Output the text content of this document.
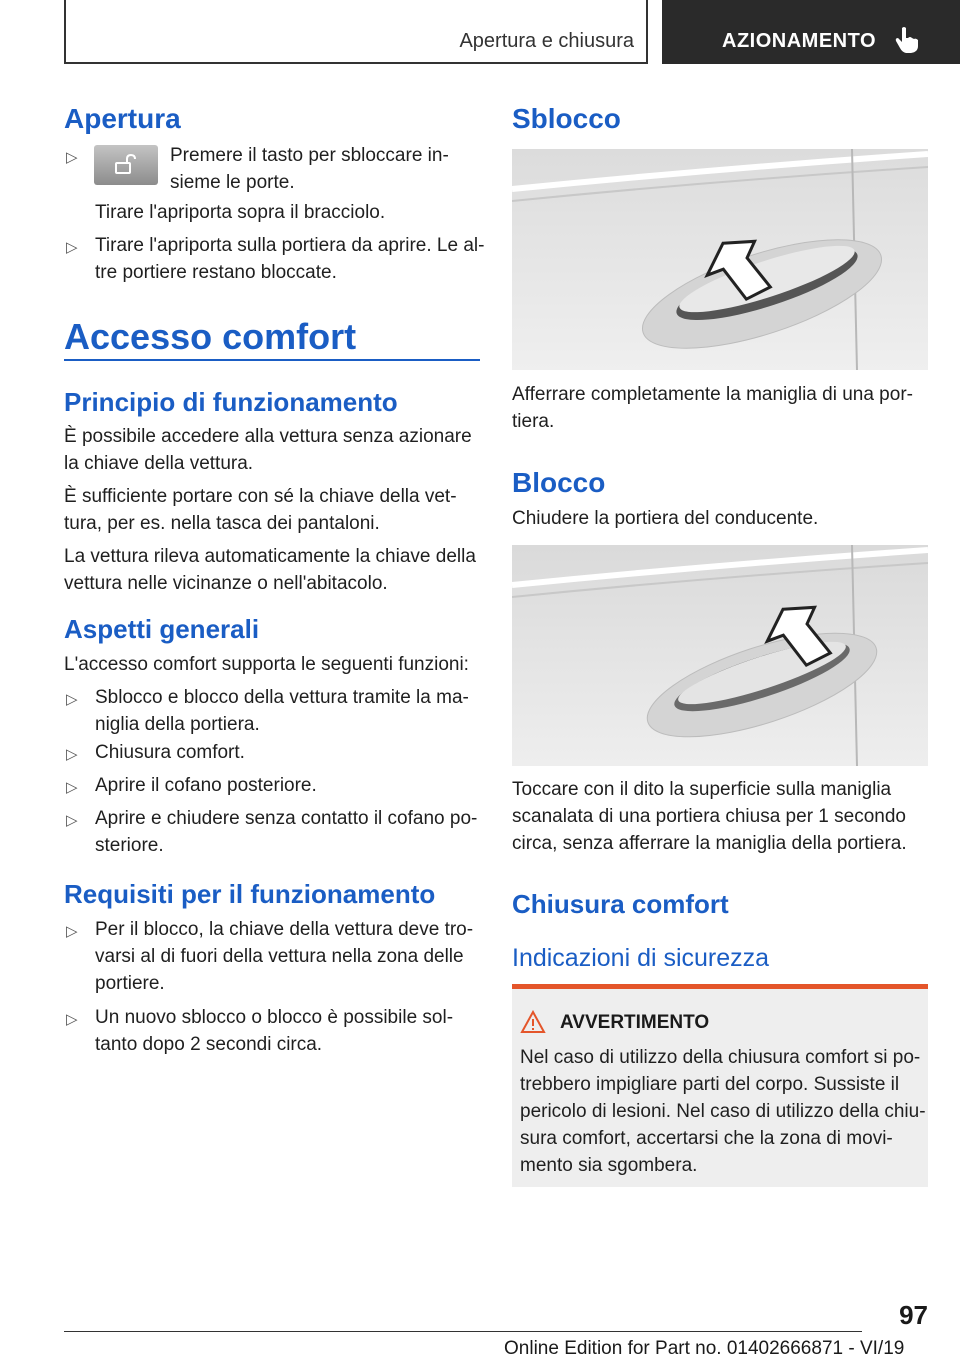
Apertura e chiusura	AZIONAMENTO
Apertura
▷	Premere il tasto per sbloccare in-

sieme le porte.

Tirare l'apriporta sopra il bracciolo.

▷ Tirare l'apriporta sulla portiera da aprire. Le al-

tre portiere restano bloccate.

Accesso comfort
Principio di funzionamento

È possibile accedere alla vettura senza azionare

la chiave della vettura.

È sufficiente portare con sé la chiave della vet-

tura, per es. nella tasca dei pantaloni.

La vettura rileva automaticamente la chiave della

vettura nelle vicinanze o nell'abitacolo.

Aspetti generali

L'accesso comfort supporta le seguenti funzioni:

▷ Sblocco e blocco della vettura tramite la ma-

niglia della portiera.

▷ Chiusura comfort.

▷ Aprire il cofano posteriore.

▷ Aprire e chiudere senza contatto il cofano po-

steriore.

Requisiti per il funzionamento
▷ Per il blocco, la chiave della vettura deve tro-

varsi al di fuori della vettura nella zona delle

portiere.

▷ Un nuovo sblocco o blocco è possibile sol-

tanto dopo 2 secondi circa.

Sblocco

Afferrare completamente la maniglia di una por-

tiera.

Blocco

Chiudere la portiera del conducente.

Toccare con il dito la superficie sulla maniglia

scanalata di una portiera chiusa per 1 secondo

circa, senza afferrare la maniglia della portiera.

Chiusura comfort
Indicazioni di sicurezza
AVVERTIMENTO

Nel caso di utilizzo della chiusura comfort si po-

trebbero impigliare parti del corpo. Sussiste il

pericolo di lesioni. Nel caso di utilizzo della chiu-

sura comfort, accertarsi che la zona di movi-

mento sia sgombera.

97
Online Edition for Part no. 01402666871 - VI/19
